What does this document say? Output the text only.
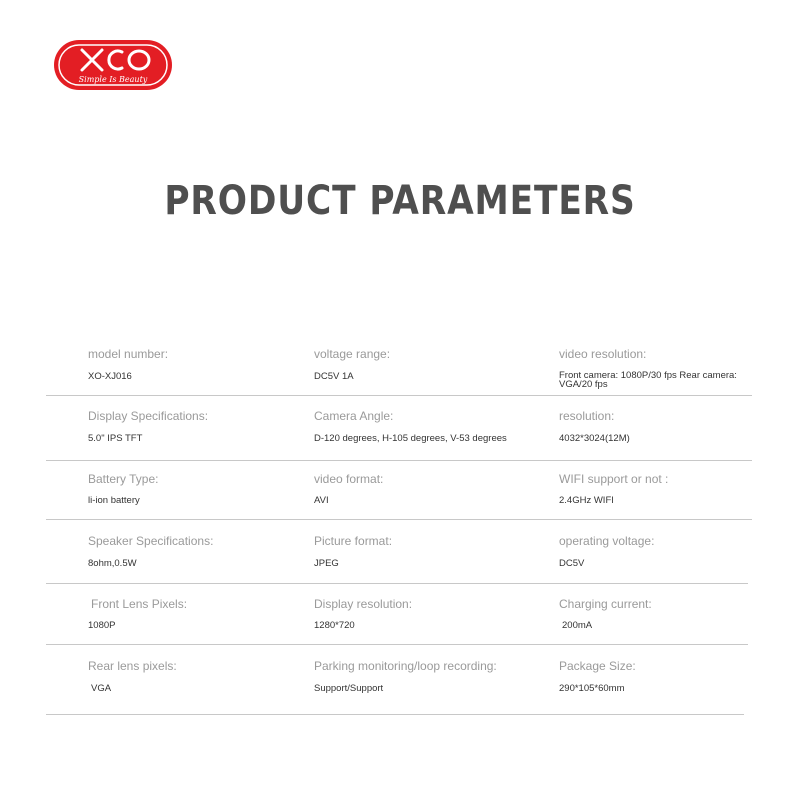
Simple Is Beauty
PRODUCT PARAMETERS
model number:	voltage range:	video resolution:
XO-XJ016	DC5V 1A	Front camera: 1080P/30 fps Rear camera: VGA/20 fps
Display Specifications:	Camera Angle:	resolution:
5.0" IPS TFT	D-120 degrees, H-105 degrees, V-53 degrees	4032*3024(12M)
Battery Type:	video format:	WIFI support or not :
li-ion battery	AVI	2.4GHz WIFI
Speaker Specifications:	Picture format:	operating voltage:
8ohm,0.5W	JPEG	DC5V
Front Lens Pixels:	Display resolution:	Charging current:
1080P	1280*720	200mA
Rear lens pixels:	Parking monitoring/loop recording:	Package Size:
VGA	Support/Support	290*105*60mm
